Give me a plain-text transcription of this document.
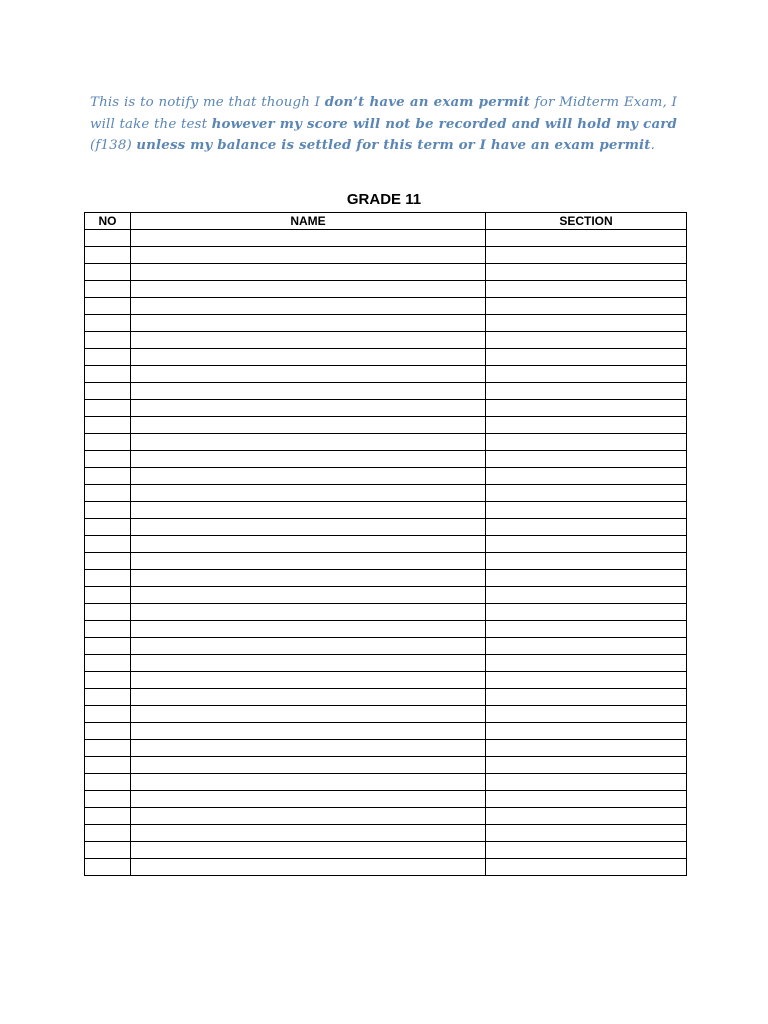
This is to notify me that though I don’t have an exam permit for Midterm Exam, I will take the test however my score will not be recorded and will hold my card (f138) unless my balance is settled for this term or I have an exam permit.

GRADE 11
NO	NAME	SECTION
